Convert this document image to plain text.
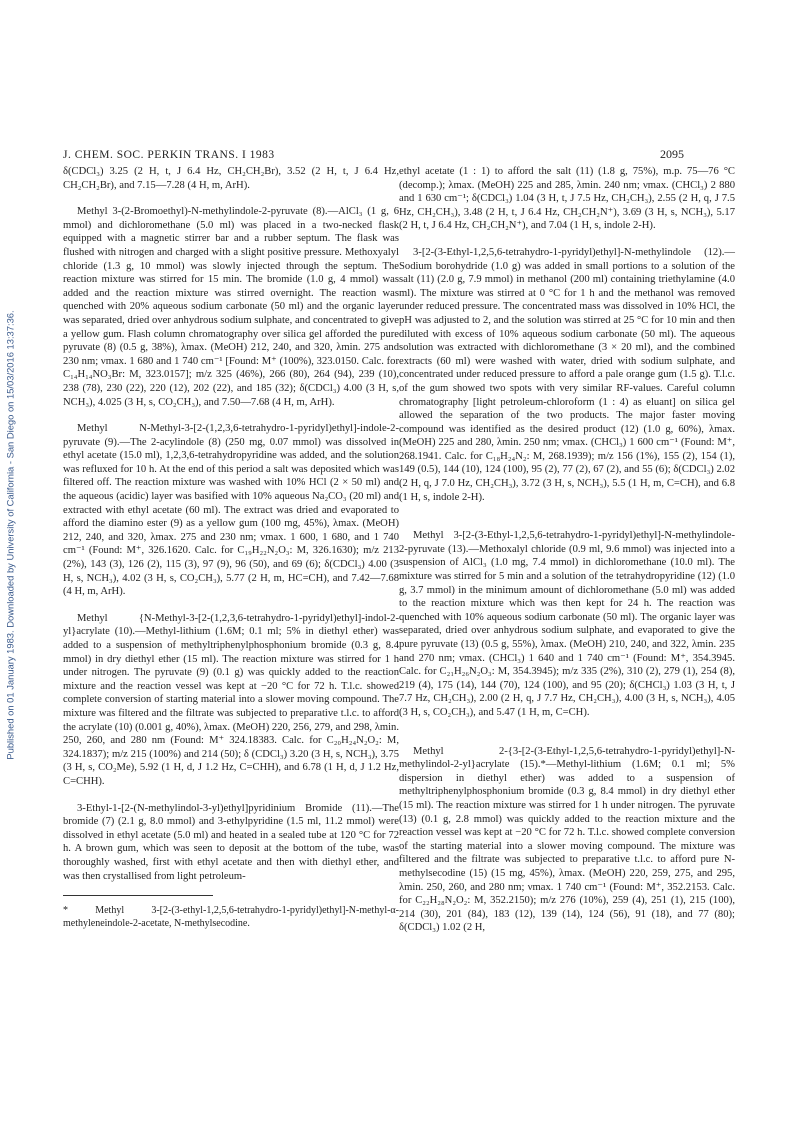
Published on 01 January 1983. Downloaded by University of California - San Diego on 15/03/2016 13:37:36.
J. CHEM. SOC. PERKIN TRANS. I 1983	2095

δ(CDCl₃) 3.25 (2 H, t, J 6.4 Hz, CH₂CH₂Br), 3.52 (2 H, t, J 6.4 Hz, CH₂CH₂Br), and 7.15—7.28 (4 H, m, ArH).

Methyl 3-(2-Bromoethyl)-N-methylindole-2-pyruvate (8).—AlCl₃ (1 g, 6 mmol) and dichloromethane (5.0 ml) was placed in a two-necked flask equipped with a magnetic stirrer bar and a rubber septum. The flask was flushed with nitrogen and charged with a slight positive pressure. Methoxyalyl chloride (1.3 g, 10 mmol) was slowly injected through the septum. The reaction mixture was stirred for 15 min. The bromide (1.0 g, 4 mmol) was added and the reaction mixture was stirred overnight. The reaction was quenched with 20% aqueous sodium carbonate (50 ml) and the organic layer was separated, dried over anhydrous sodium sulphate, and concentrated to give a yellow gum. Flash column chromatography over silica gel afforded the pure pyruvate (8) (0.5 g, 38%), λmax. (MeOH) 212, 240, and 320, λmin. 275 and 230 nm; νmax. 1 680 and 1 740 cm⁻¹ [Found: M⁺ (100%), 323.0150. Calc. for C₁₄H₁₄NO₃Br: M, 323.0157]; m/z 325 (46%), 266 (80), 264 (94), 239 (10), 238 (78), 230 (22), 220 (12), 202 (22), and 185 (32); δ(CDCl₃) 4.00 (3 H, s, NCH₃), 4.025 (3 H, s, CO₂CH₃), and 7.50—7.68 (4 H, m, ArH).

Methyl N-Methyl-3-[2-(1,2,3,6-tetrahydro-1-pyridyl)ethyl]-indole-2-pyruvate (9).—The 2-acylindole (8) (250 mg, 0.07 mmol) was dissolved in ethyl acetate (15.0 ml), 1,2,3,6-tetrahydropyridine was added, and the solution was refluxed for 10 h. At the end of this period a salt was deposited which was filtered off. The reaction mixture was washed with 10% HCl (2 × 50 ml) and the aqueous (acidic) layer was basified with 10% aqueous Na₂CO₃ (20 ml) and extracted with ethyl acetate (60 ml). The extract was dried and evaporated to afford the diamino ester (9) as a yellow gum (100 mg, 45%), λmax. (MeOH) 212, 240, and 320, λmax. 275 and 230 nm; νmax. 1 600, 1 680, and 1 740 cm⁻¹ (Found: M⁺, 326.1620. Calc. for C₁₉H₂₂N₂O₃: M, 326.1630); m/z 213 (2%), 143 (3), 126 (2), 115 (3), 97 (9), 96 (50), and 69 (6); δ(CDCl₃) 4.00 (3 H, s, NCH₃), 4.02 (3 H, s, CO₂CH₃), 5.77 (2 H, m, HC=CH), and 7.42—7.68 (4 H, m, ArH).

Methyl {N-Methyl-3-[2-(1,2,3,6-tetrahydro-1-pyridyl)ethyl]-indol-2-yl}acrylate (10).—Methyl-lithium (1.6M; 0.1 ml; 5% in diethyl ether) was added to a suspension of methyltriphenylphosphonium bromide (0.3 g, 8.4 mmol) in dry diethyl ether (15 ml). The reaction mixture was stirred for 1 h under nitrogen. The pyruvate (9) (0.1 g) was quickly added to the reaction mixture and the reaction vessel was kept at −20 °C for 72 h. T.l.c. showed complete conversion of starting material into a slower moving compound. The mixture was filtered and the filtrate was subjected to preparative t.l.c. to afford the acrylate (10) (0.001 g, 40%), λmax. (MeOH) 220, 256, 279, and 298, λmin. 250, 260, and 280 nm (Found: M⁺ 324.18383. Calc. for C₂₀H₂₄N₂O₂: M, 324.1837); m/z 215 (100%) and 214 (50); δ (CDCl₃) 3.20 (3 H, s, NCH₃), 3.75 (3 H, s, CO₂Me), 5.92 (1 H, d, J 1.2 Hz, C=CHH), and 6.78 (1 H, d, J 1.2 Hz, C=CHH).

3-Ethyl-1-[2-(N-methylindol-3-yl)ethyl]pyridinium Bromide (11).—The bromide (7) (2.1 g, 8.0 mmol) and 3-ethylpyridine (1.5 ml, 11.2 mmol) were dissolved in ethyl acetate (5.0 ml) and heated in a sealed tube at 120 °C for 72 h. A brown gum, which was seen to deposit at the bottom of the tube, was thoroughly washed, first with ethyl acetate and then with diethyl ether, and was then crystallised from light petroleum-

* Methyl 3-[2-(3-ethyl-1,2,5,6-tetrahydro-1-pyridyl)ethyl]-N-methyl-α-methyleneindole-2-acetate, N-methylsecodine.

ethyl acetate (1 : 1) to afford the salt (11) (1.8 g, 75%), m.p. 75—76 °C (decomp.); λmax. (MeOH) 225 and 285, λmin. 240 nm; νmax. (CHCl₃) 2 880 and 1 630 cm⁻¹; δ(CDCl₃) 1.04 (3 H, t, J 7.5 Hz, CH₂CH₃), 2.55 (2 H, q, J 7.5 Hz, CH₂CH₃), 3.48 (2 H, t, J 6.4 Hz, CH₂CH₂N⁺), 3.69 (3 H, s, NCH₃), 5.17 (2 H, t, J 6.4 Hz, CH₂CH₂N⁺), and 7.04 (1 H, s, indole 2-H).

3-[2-(3-Ethyl-1,2,5,6-tetrahydro-1-pyridyl)ethyl]-N-methylindole (12).—Sodium borohydride (1.0 g) was added in small portions to a solution of the salt (11) (2.0 g, 7.9 mmol) in methanol (200 ml) containing triethylamine (4.0 ml). The mixture was stirred at 0 °C for 1 h and the methanol was removed under reduced pressure. The concentrated mass was dissolved in 10% HCl, the pH was adjusted to 2, and the solution was stirred at 25 °C for 10 min and then diluted with excess of 10% aqueous sodium carbonate (50 ml). The aqueous solution was extracted with dichloromethane (3 × 20 ml), and the combined extracts (60 ml) were washed with water, dried with sodium sulphate, and concentrated under reduced pressure to afford a pale orange gum (1.5 g). T.l.c. of the gum showed two spots with very similar RF-values. Careful column chromatography [light petroleum-chloroform (1 : 4) as eluant] on silica gel allowed the separation of the two products. The major faster moving compound was identified as the desired product (12) (1.0 g, 60%), λmax. (MeOH) 225 and 280, λmin. 250 nm; νmax. (CHCl₃) 1 600 cm⁻¹ (Found: M⁺, 268.1941. Calc. for C₁₈H₂₄N₂: M, 268.1939); m/z 156 (1%), 155 (2), 154 (1), 149 (0.5), 144 (10), 124 (100), 95 (2), 77 (2), 67 (2), and 55 (6); δ(CDCl₃) 2.02 (2 H, q, J 7.0 Hz, CH₂CH₃), 3.72 (3 H, s, NCH₃), 5.5 (1 H, m, C=CH), and 6.8 (1 H, s, indole 2-H).

Methyl 3-[2-(3-Ethyl-1,2,5,6-tetrahydro-1-pyridyl)ethyl]-N-methylindole-2-pyruvate (13).—Methoxalyl chloride (0.9 ml, 9.6 mmol) was injected into a suspension of AlCl₃ (1.0 mg, 7.4 mmol) in dichloromethane (10.0 ml). The mixture was stirred for 5 min and a solution of the tetrahydropyridine (12) (1.0 g, 3.7 mmol) in the minimum amount of dichloromethane (5.0 ml) was added to the reaction mixture which was then kept for 24 h. The reaction was quenched with 10% aqueous sodium carbonate (50 ml). The organic layer was separated, dried over anhydrous sodium sulphate, and evaporated to give the pure pyruvate (13) (0.5 g, 55%), λmax. (MeOH) 210, 240, and 322, λmin. 235 and 270 nm; νmax. (CHCl₃) 1 640 and 1 740 cm⁻¹ (Found: M⁺, 354.3945. Calc. for C₂₁H₂₆N₂O₃: M, 354.3945); m/z 335 (2%), 310 (2), 279 (1), 254 (8), 219 (4), 175 (14), 144 (70), 124 (100), and 95 (20); δ(CHCl₃) 1.03 (3 H, t, J 7.7 Hz, CH₂CH₃), 2.00 (2 H, q, J 7.7 Hz, CH₂CH₃), 4.00 (3 H, s, NCH₃), 4.05 (3 H, s, CO₂CH₃), and 5.47 (1 H, m, C=CH).

Methyl 2-{3-[2-(3-Ethyl-1,2,5,6-tetrahydro-1-pyridyl)ethyl]-N-methylindol-2-yl}acrylate (15).*—Methyl-lithium (1.6M; 0.1 ml; 5% dispersion in diethyl ether) was added to a suspension of methyltriphenylphosphonium bromide (0.3 g, 8.4 mmol) in dry diethyl ether (15 ml). The reaction mixture was stirred for 1 h under nitrogen. The pyruvate (13) (0.1 g, 2.8 mmol) was quickly added to the reaction mixture and the reaction vessel was kept at −20 °C for 72 h. T.l.c. showed complete conversion of the starting material into a slower moving compound. The mixture was filtered and the filtrate was subjected to preparative t.l.c. to afford pure N-methylsecodine (15) (15 mg, 45%), λmax. (MeOH) 220, 259, 275, and 295, λmin. 250, 260, and 280 nm; νmax. 1 740 cm⁻¹ (Found: M⁺, 352.2153. Calc. for C₂₂H₂₈N₂O₂: M, 352.2150); m/z 276 (10%), 259 (4), 251 (1), 215 (100), 214 (30), 201 (84), 183 (12), 139 (14), 124 (56), 91 (18), and 77 (80); δ(CDCl₃) 1.02 (2 H,
